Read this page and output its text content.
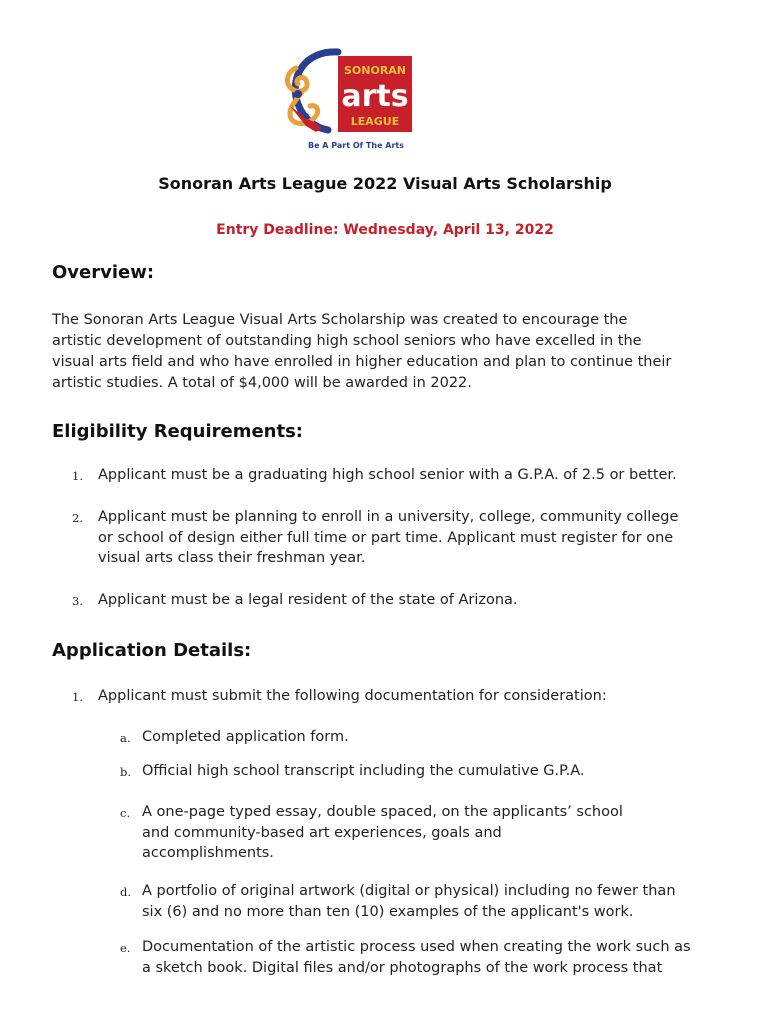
SONORAN
arts
LEAGUE
Be A Part Of The Arts
Sonoran Arts League 2022 Visual Arts Scholarship
Entry Deadline: Wednesday, April 13, 2022
Overview:
The Sonoran Arts League Visual Arts Scholarship was created to encourage the
artistic development of outstanding high school seniors who have excelled in the
visual arts field and who have enrolled in higher education and plan to continue their
artistic studies. A total of $4,000 will be awarded in 2022.
Eligibility Requirements:
1. Applicant must be a graduating high school senior with a G.P.A. of 2.5 or better.
2. Applicant must be planning to enroll in a university, college, community college
or school of design either full time or part time. Applicant must register for one
visual arts class their freshman year.
3. Applicant must be a legal resident of the state of Arizona.
Application Details:
1. Applicant must submit the following documentation for consideration:
a. Completed application form.
b. Official high school transcript including the cumulative G.P.A.
c. A one-page typed essay, double spaced, on the applicants’ school
and community-based art experiences, goals and
accomplishments.
d. A portfolio of original artwork (digital or physical) including no fewer than
six (6) and no more than ten (10) examples of the applicant's work.
e. Documentation of the artistic process used when creating the work such as
a sketch book. Digital files and/or photographs of the work process that
